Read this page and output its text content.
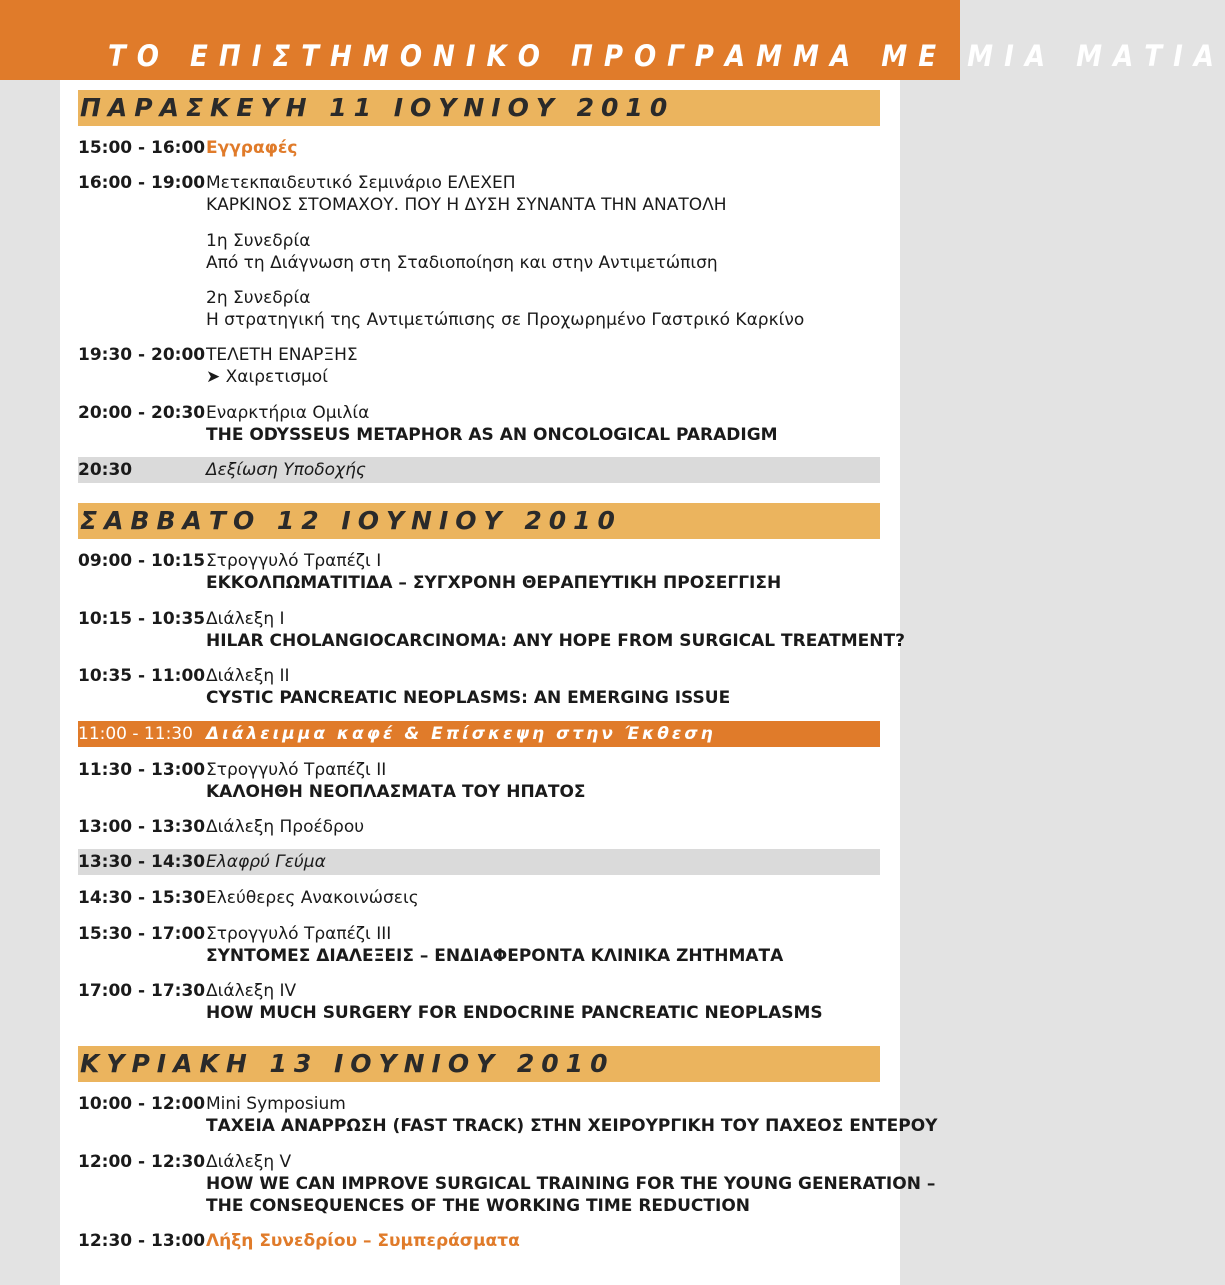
ΤΟ ΕΠΙΣΤΗΜΟΝΙΚΟ ΠΡΟΓΡΑΜΜΑ ΜΕ ΜΙΑ ΜΑΤΙΑ
ΠΑΡΑΣΚΕΥΗ 11 ΙΟΥΝΙΟΥ 2010
15:00 - 16:00 Εγγραφές
16:00 - 19:00 Μετεκπαιδευτικό Σεμινάριο ΕΛΕΧΕΠ
ΚΑΡΚΙΝΟΣ ΣΤΟΜΑΧΟΥ. ΠΟΥ Η ΔΥΣΗ ΣΥΝΑΝΤΑ ΤΗΝ ΑΝΑΤΟΛΗ
1η Συνεδρία
Από τη Διάγνωση στη Σταδιοποίηση και στην Αντιμετώπιση
2η Συνεδρία
Η στρατηγική της Αντιμετώπισης σε Προχωρημένο Γαστρικό Καρκίνο
19:30 - 20:00 ΤΕΛΕΤΗ ΕΝΑΡΞΗΣ
➤ Χαιρετισμοί
20:00 - 20:30 Εναρκτήρια Ομιλία
THE ODYSSEUS METAPHOR AS AN ONCOLOGICAL PARADIGM
20:30	Δεξίωση Υποδοχής
ΣΑΒΒΑΤΟ 12 ΙΟΥΝΙΟΥ 2010
09:00 - 10:15 Στρογγυλό Τραπέζι Ι
ΕΚΚΟΛΠΩΜΑΤΙΤΙΔΑ – ΣΥΓΧΡΟΝΗ ΘΕΡΑΠΕΥΤΙΚΗ ΠΡΟΣΕΓΓΙΣΗ
10:15 - 10:35 Διάλεξη Ι
HILAR CHOLANGIOCARCINOMA: ANY HOPE FROM SURGICAL TREATMENT?
10:35 - 11:00 Διάλεξη ΙΙ
CYSTIC PANCREATIC NEOPLASMS: AN EMERGING ISSUE
11:00 - 11:30 Διάλειμμα καφέ & Επίσκεψη στην Έκθεση
11:30 - 13:00 Στρογγυλό Τραπέζι ΙΙ
ΚΑΛΟΗΘΗ ΝΕΟΠΛΑΣΜΑΤΑ ΤΟΥ ΗΠΑΤΟΣ
13:00 - 13:30 Διάλεξη Προέδρου
13:30 - 14:30 Ελαφρύ Γεύμα
14:30 - 15:30 Ελεύθερες Ανακοινώσεις
15:30 - 17:00 Στρογγυλό Τραπέζι ΙΙΙ
ΣΥΝΤΟΜΕΣ ΔΙΑΛΕΞΕΙΣ – ΕΝΔΙΑΦΕΡΟΝΤΑ ΚΛΙΝΙΚΑ ΖΗΤΗΜΑΤΑ
17:00 - 17:30 Διάλεξη IV
HOW MUCH SURGERY FOR ENDOCRINE PANCREATIC NEOPLASMS
ΚΥΡΙΑΚΗ 13 ΙΟΥΝΙΟΥ 2010
10:00 - 12:00 Mini Symposium
ΤΑΧΕΙΑ ΑΝΑΡΡΩΣΗ (FAST TRACK) ΣΤΗΝ ΧΕΙΡΟΥΡΓΙΚΗ ΤΟΥ ΠΑΧΕΟΣ ΕΝΤΕΡΟΥ
12:00 - 12:30 Διάλεξη V
HOW WE CAN IMPROVE SURGICAL TRAINING FOR THE YOUNG GENERATION –
THE CONSEQUENCES OF THE WORKING TIME REDUCTION
12:30 - 13:00 Λήξη Συνεδρίου – Συμπεράσματα
